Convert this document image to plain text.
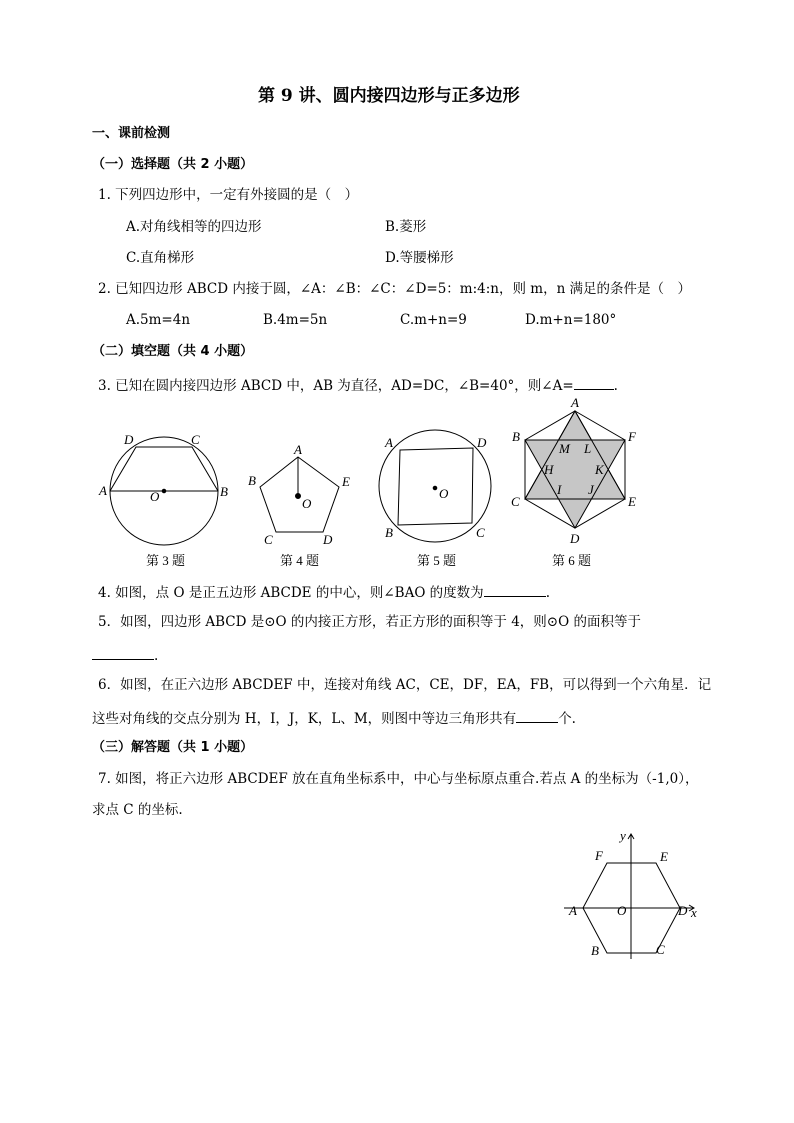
第 9 讲、圆内接四边形与正多边形
一、课前检测
（一）选择题（共 2 小题）
1. 下列四边形中，一定有外接圆的是（　）
A.对角线相等的四边形	B.菱形
C.直角梯形	D.等腰梯形
2. 已知四边形 ABCD 内接于圆，∠A：∠B：∠C：∠D=5：m:4:n，则 m，n 满足的条件是（　）
A.5m=4n	B.4m=5n	C.m+n=9	D.m+n=180°
（二）填空题（共 4 小题）
3. 已知在圆内接四边形 ABCD 中，AB 为直径，AD=DC，∠B=40°，则∠A=	.
A	B
C
D
O
第 3 题
A
B
C	D
E
O
第 4 题
A
B	C
D
O
第 5 题
A
B
C
D
E
F
H
I J
K
L
M
第 6 题
A
B	C
D
E
F
O	x
y
4. 如图，点 O 是正五边形 ABCDE 的中心，则∠BAO 的度数为	.
5．如图，四边形 ABCD 是⊙O 的内接正方形，若正方形的面积等于 4，则⊙O 的面积等于
.
6．如图，在正六边形 ABCDEF 中，连接对角线 AC，CE，DF，EA，FB，可以得到一个六角星．记
这些对角线的交点分别为 H，I，J，K，L、M，则图中等边三角形共有	个.
（三）解答题（共 1 小题）
7. 如图，将正六边形 ABCDEF 放在直角坐标系中，中心与坐标原点重合.若点 A 的坐标为（-1,0），
求点 C 的坐标.
